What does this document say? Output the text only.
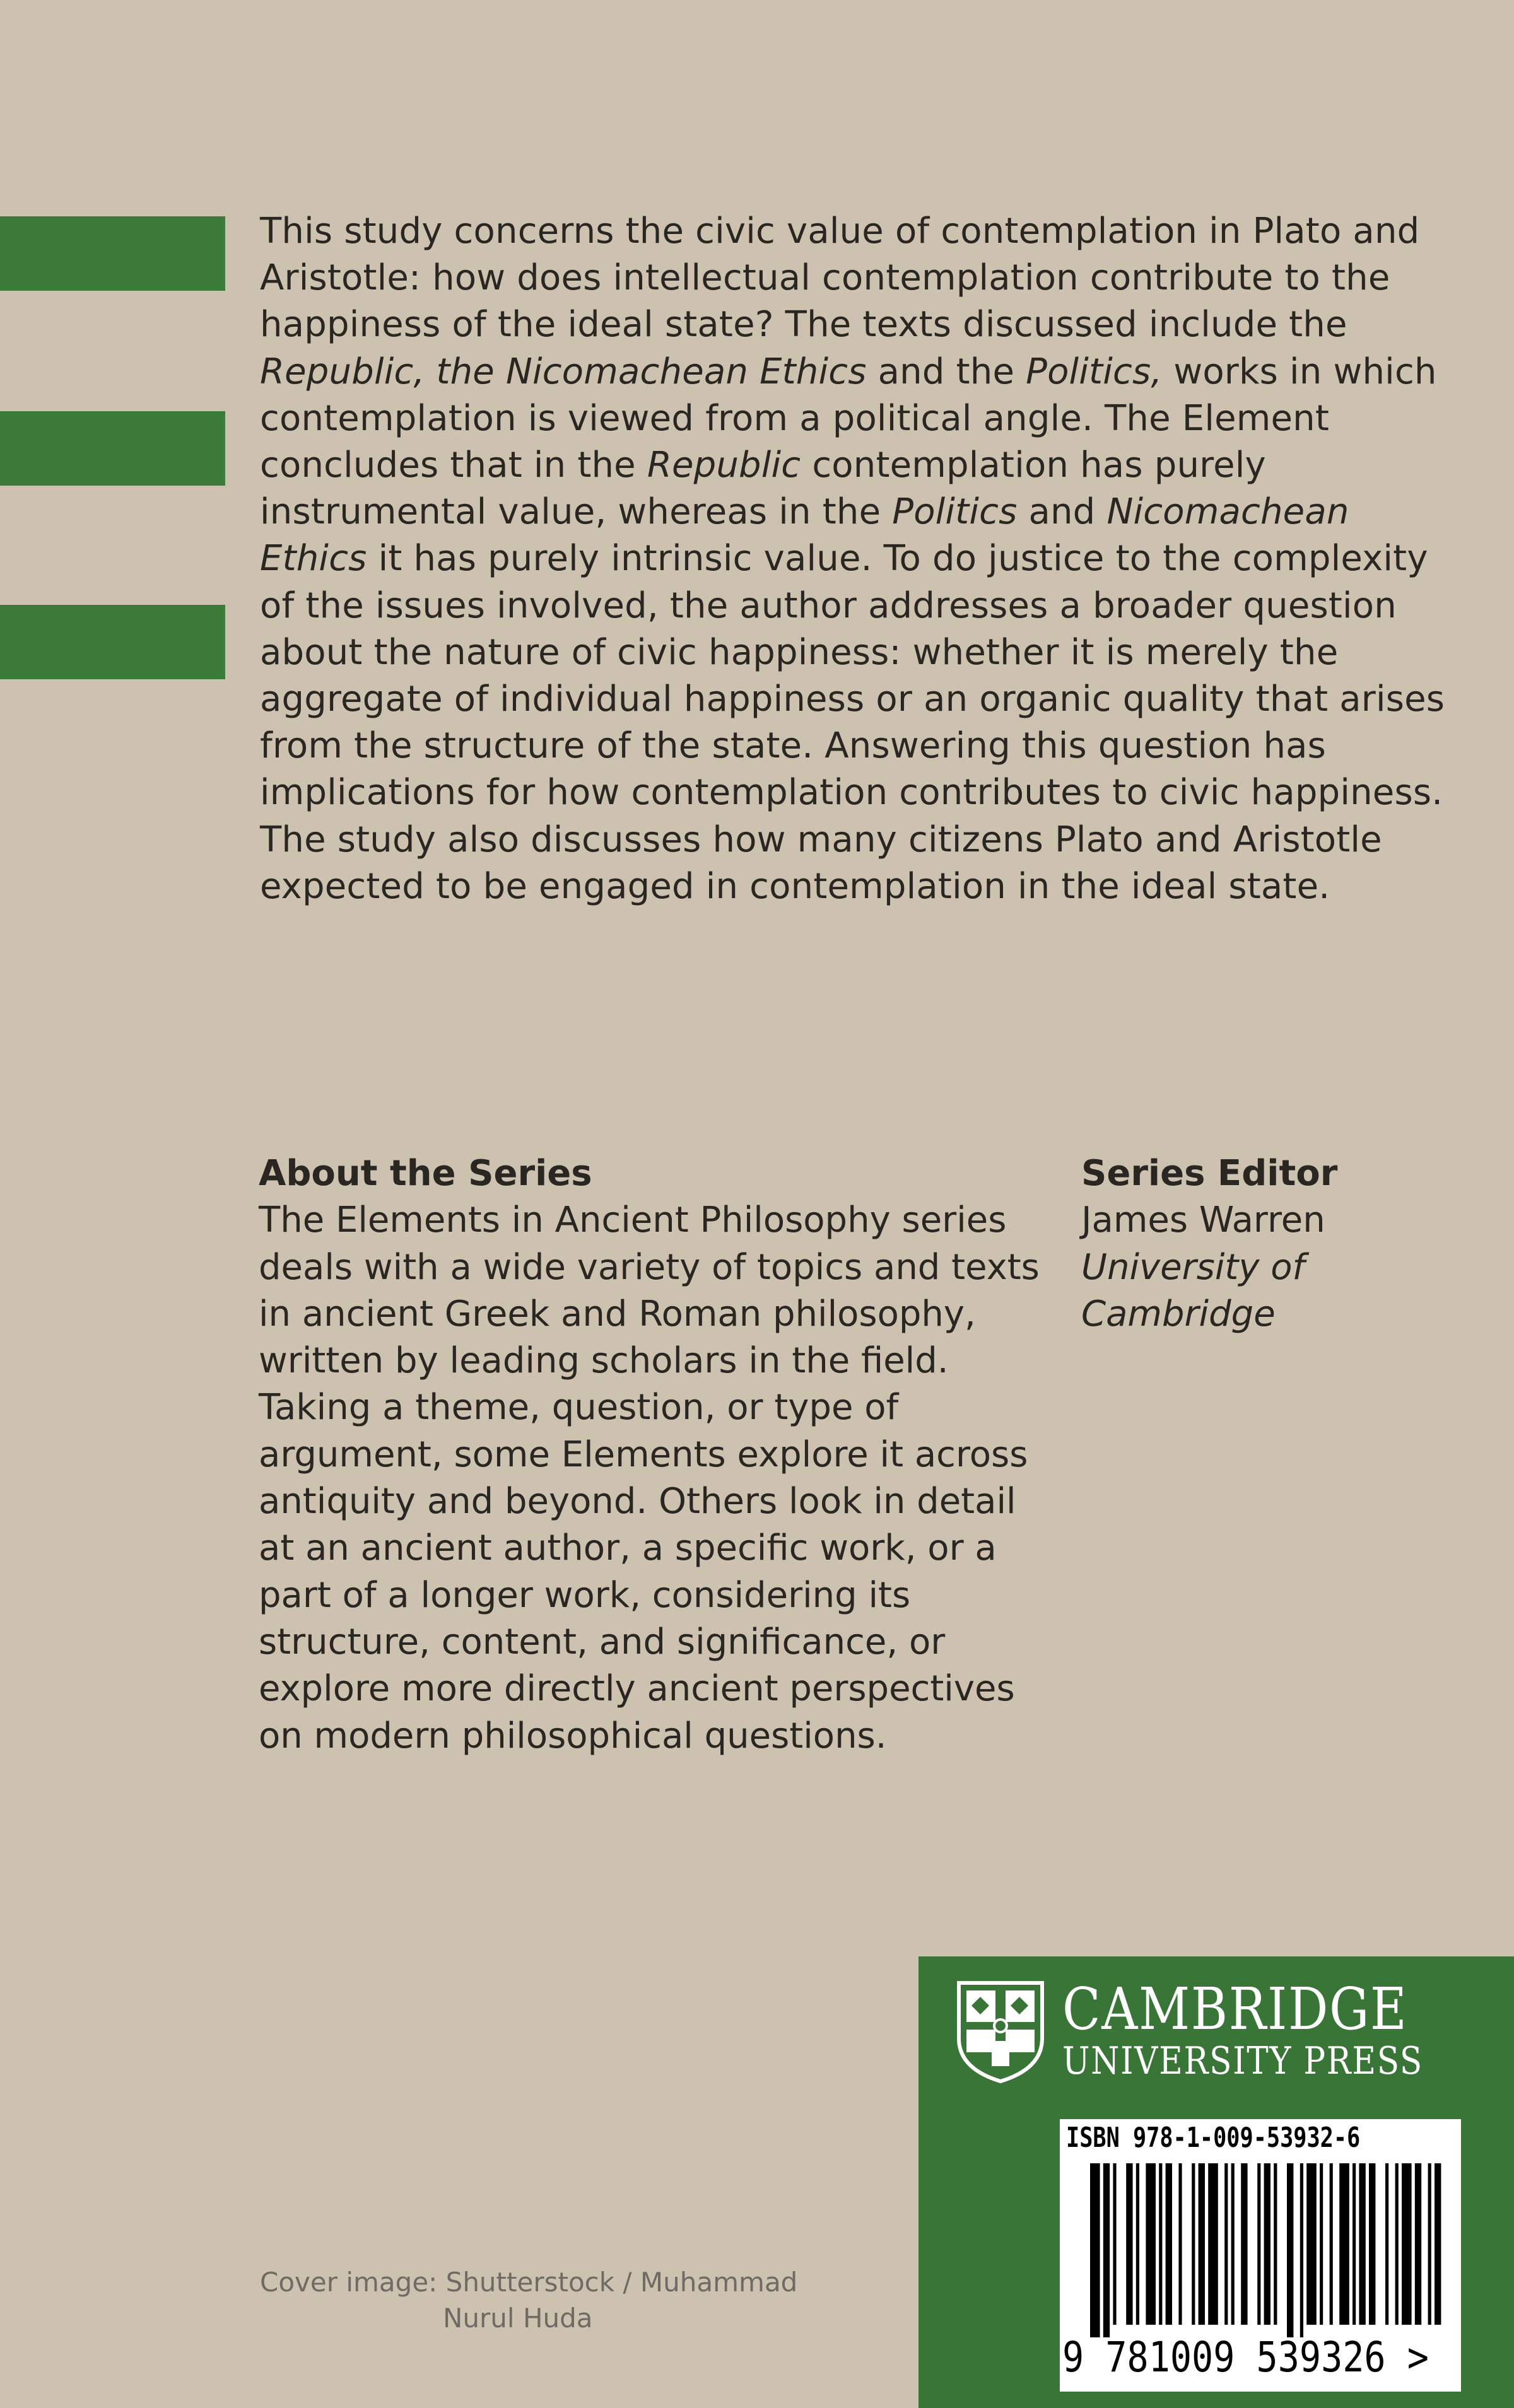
This study concerns the civic value of contemplation in Plato and Aristotle: how does intellectual contemplation contribute to the happiness of the ideal state? The texts discussed include the Republic, the Nicomachean Ethics and the Politics, works in which contemplation is viewed from a political angle. The Element concludes that in the Republic contemplation has purely instrumental value, whereas in the Politics and Nicomachean Ethics it has purely intrinsic value. To do justice to the complexity of the issues involved, the author addresses a broader question about the nature of civic happiness: whether it is merely the aggregate of individual happiness or an organic quality that arises from the structure of the state. Answering this question has implications for how contemplation contributes to civic happiness. The study also discusses how many citizens Plato and Aristotle expected to be engaged in contemplation in the ideal state.

About the Series

The Elements in Ancient Philosophy series deals with a wide variety of topics and texts in ancient Greek and Roman philosophy, written by leading scholars in the field. Taking a theme, question, or type of argument, some Elements explore it across antiquity and beyond. Others look in detail at an ancient author, a specific work, or a part of a longer work, considering its structure, content, and significance, or explore more directly ancient perspectives on modern philosophical questions.

Series Editor
James Warren
University of Cambridge
Cover image: Shutterstock / Muhammad
Nurul Huda
CAMBRIDGE
UNIVERSITY PRESS
ISBN 978-1-009-53932-6
9 781009 539326 >
